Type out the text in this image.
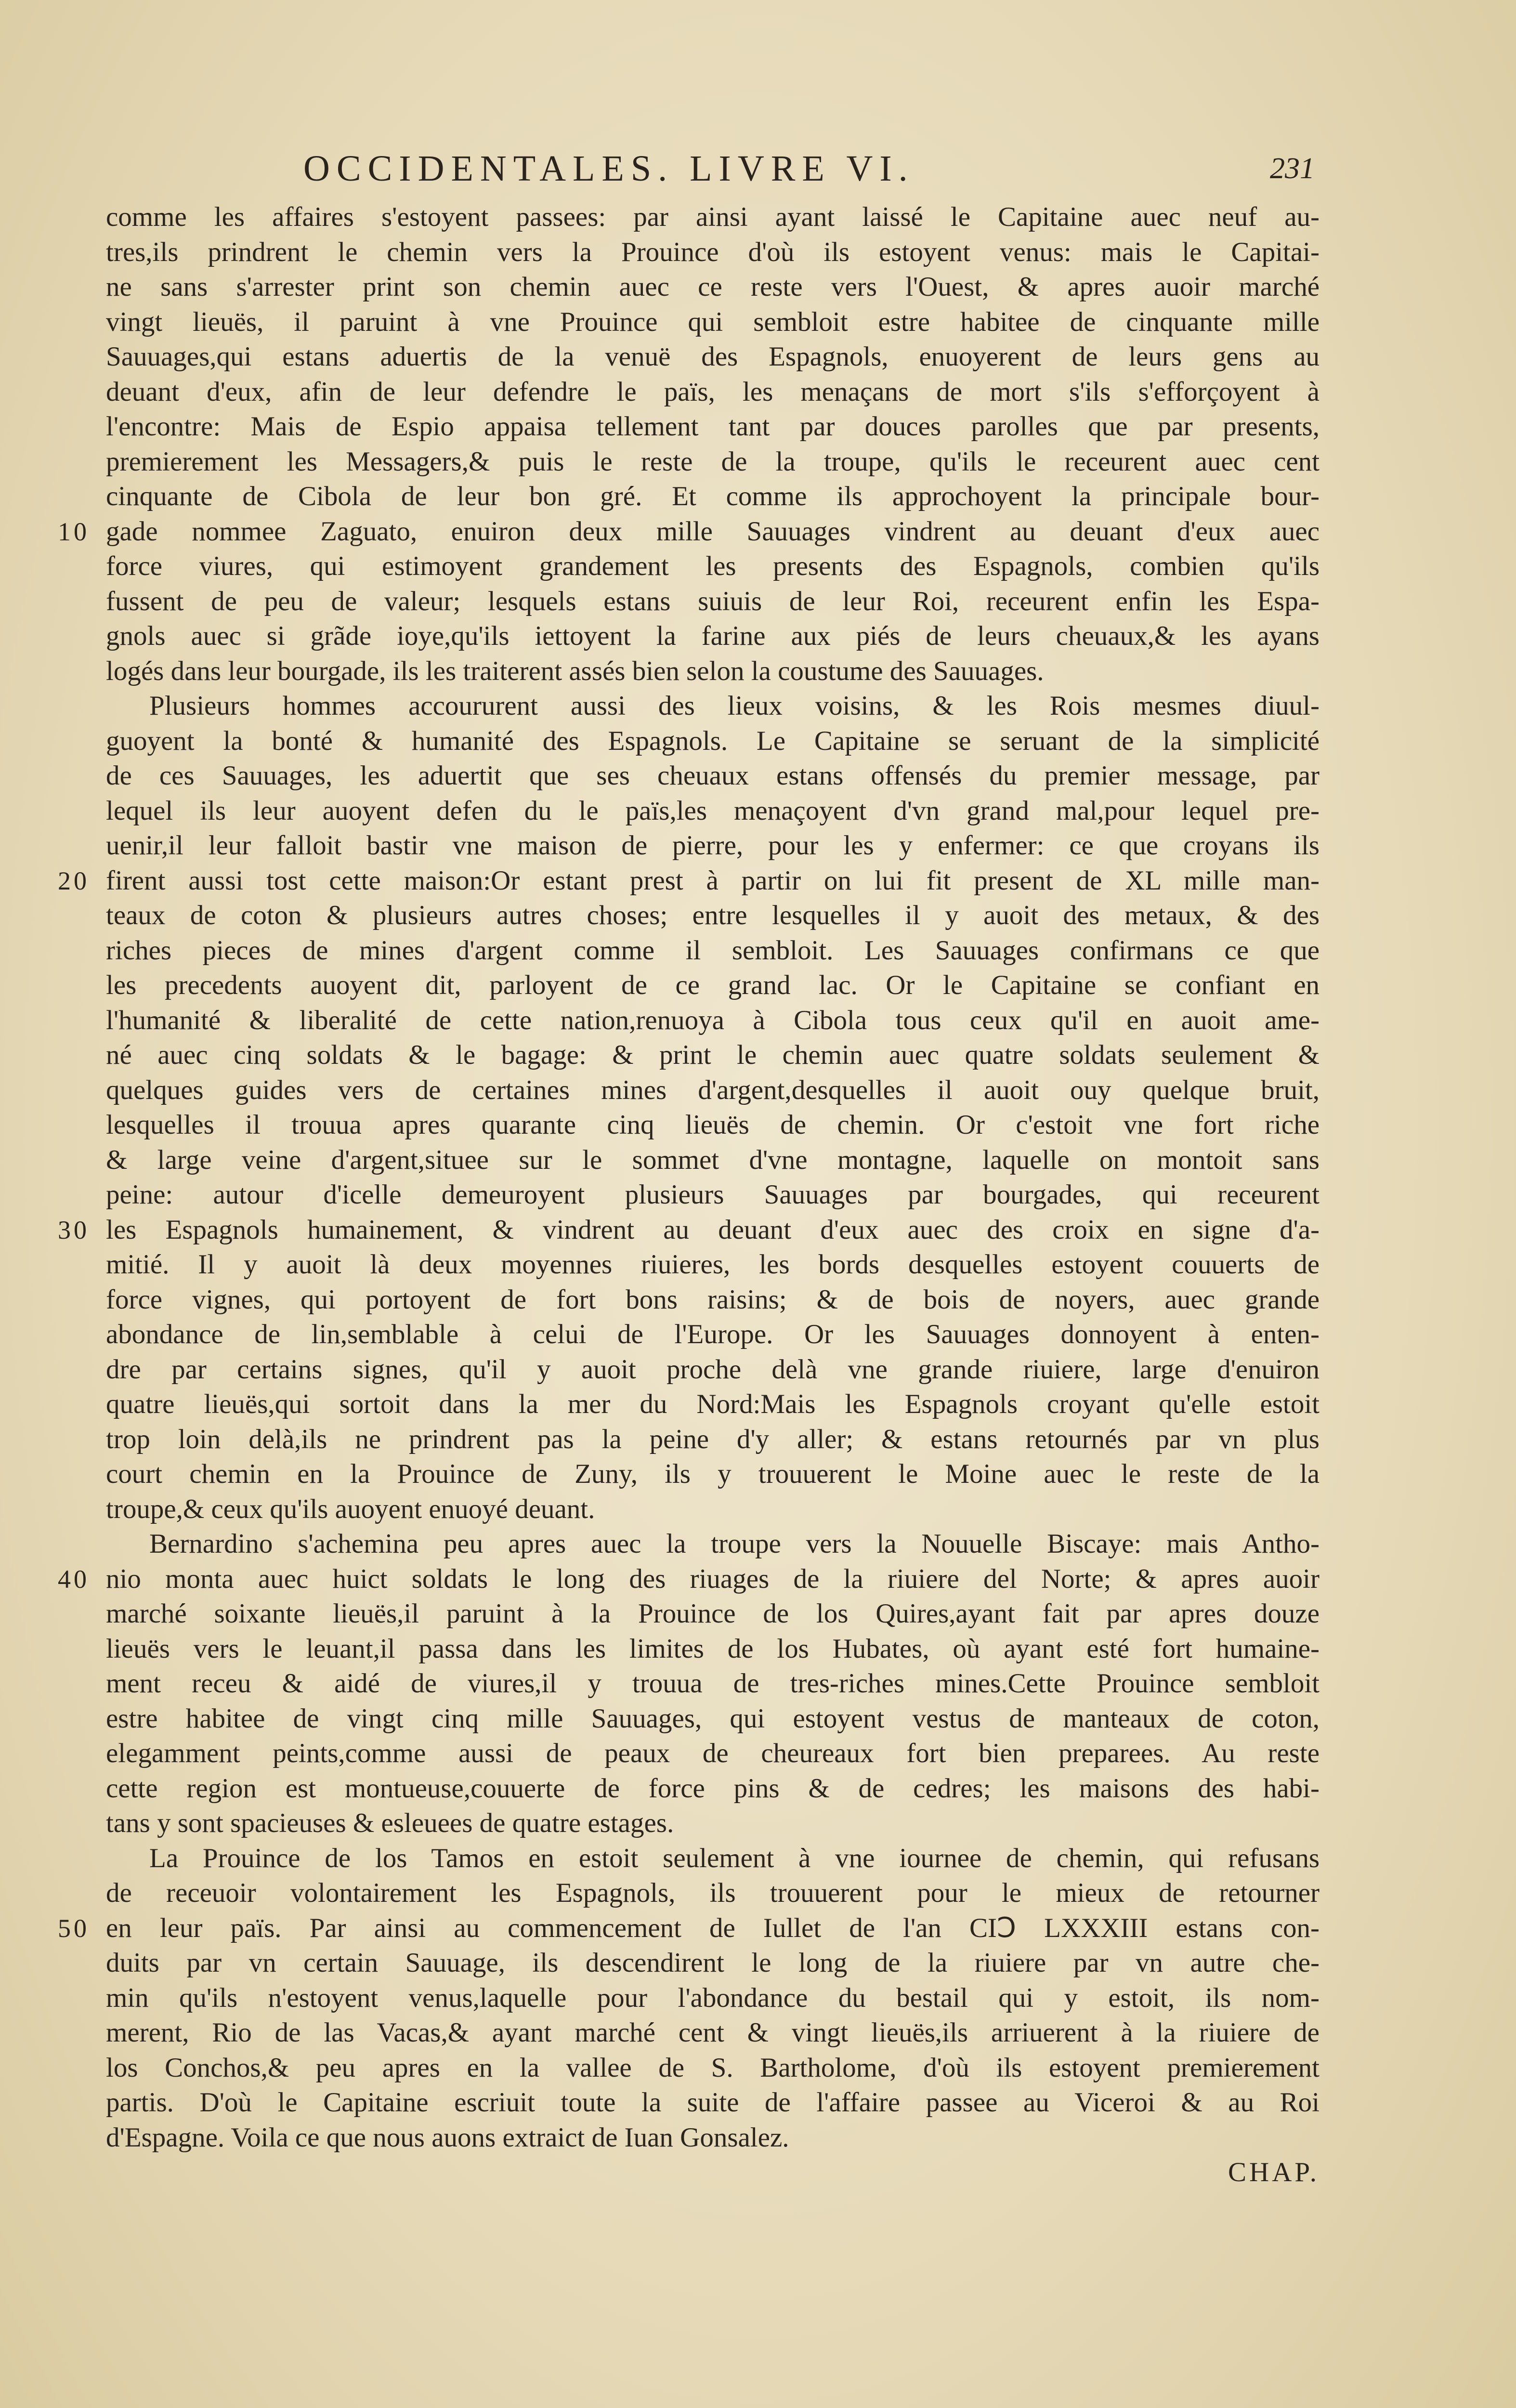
OCCIDENTALES. LIVRE VI.	231
comme les affaires s'estoyent passees: par ainsi ayant laissé le Capitaine auec neuf au-
tres,ils prindrent le chemin vers la Prouince d'où ils estoyent venus: mais le Capitai-
ne sans s'arrester print son chemin auec ce reste vers l'Ouest, & apres auoir marché
vingt lieuës, il paruint à vne Prouince qui sembloit estre habitee de cinquante mille
Sauuages,qui estans aduertis de la venuë des Espagnols, enuoyerent de leurs gens au
deuant d'eux, afin de leur defendre le païs, les menaçans de mort s'ils s'efforçoyent à
l'encontre: Mais de Espio appaisa tellement tant par douces parolles que par presents,
premierement les Messagers,& puis le reste de la troupe, qu'ils le receurent auec cent
cinquante de Cibola de leur bon gré. Et comme ils approchoyent la principale bour-
10 gade nommee Zaguato, enuiron deux mille Sauuages vindrent au deuant d'eux auec
force viures, qui estimoyent grandement les presents des Espagnols, combien qu'ils
fussent de peu de valeur; lesquels estans suiuis de leur Roi, receurent enfin les Espa-
gnols auec si grãde ioye,qu'ils iettoyent la farine aux piés de leurs cheuaux,& les ayans
logés dans leur bourgade, ils les traiterent assés bien selon la coustume des Sauuages.
Plusieurs hommes accoururent aussi des lieux voisins, & les Rois mesmes diuul-
guoyent la bonté & humanité des Espagnols. Le Capitaine se seruant de la simplicité
de ces Sauuages, les aduertit que ses cheuaux estans offensés du premier message, par
lequel ils leur auoyent defen du le païs,les menaçoyent d'vn grand mal,pour lequel pre-
uenir,il leur falloit bastir vne maison de pierre, pour les y enfermer: ce que croyans ils
20 firent aussi tost cette maison:Or estant prest à partir on lui fit present de XL mille man-
teaux de coton & plusieurs autres choses; entre lesquelles il y auoit des metaux, & des
riches pieces de mines d'argent comme il sembloit. Les Sauuages confirmans ce que
les precedents auoyent dit, parloyent de ce grand lac. Or le Capitaine se confiant en
l'humanité & liberalité de cette nation,renuoya à Cibola tous ceux qu'il en auoit ame-
né auec cinq soldats & le bagage: & print le chemin auec quatre soldats seulement &
quelques guides vers de certaines mines d'argent,desquelles il auoit ouy quelque bruit,
lesquelles il trouua apres quarante cinq lieuës de chemin. Or c'estoit vne fort riche
& large veine d'argent,situee sur le sommet d'vne montagne, laquelle on montoit sans
peine: autour d'icelle demeuroyent plusieurs Sauuages par bourgades, qui receurent
30 les Espagnols humainement, & vindrent au deuant d'eux auec des croix en signe d'a-
mitié. Il y auoit là deux moyennes riuieres, les bords desquelles estoyent couuerts de
force vignes, qui portoyent de fort bons raisins; & de bois de noyers, auec grande
abondance de lin,semblable à celui de l'Europe. Or les Sauuages donnoyent à enten-
dre par certains signes, qu'il y auoit proche delà vne grande riuiere, large d'enuiron
quatre lieuës,qui sortoit dans la mer du Nord:Mais les Espagnols croyant qu'elle estoit
trop loin delà,ils ne prindrent pas la peine d'y aller; & estans retournés par vn plus
court chemin en la Prouince de Zuny, ils y trouuerent le Moine auec le reste de la
troupe,& ceux qu'ils auoyent enuoyé deuant.
Bernardino s'achemina peu apres auec la troupe vers la Nouuelle Biscaye: mais Antho-
40 nio monta auec huict soldats le long des riuages de la riuiere del Norte; & apres auoir
marché soixante lieuës,il paruint à la Prouince de los Quires,ayant fait par apres douze
lieuës vers le leuant,il passa dans les limites de los Hubates, où ayant esté fort humaine-
ment receu & aidé de viures,il y trouua de tres-riches mines.Cette Prouince sembloit
estre habitee de vingt cinq mille Sauuages, qui estoyent vestus de manteaux de coton,
elegamment peints,comme aussi de peaux de cheureaux fort bien preparees. Au reste
cette region est montueuse,couuerte de force pins & de cedres; les maisons des habi-
tans y sont spacieuses & esleuees de quatre estages.
La Prouince de los Tamos en estoit seulement à vne iournee de chemin, qui refusans
de receuoir volontairement les Espagnols, ils trouuerent pour le mieux de retourner
50 en leur païs. Par ainsi au commencement de Iullet de l'an CIↃ LXXXIII estans con-
duits par vn certain Sauuage, ils descendirent le long de la riuiere par vn autre che-
min qu'ils n'estoyent venus,laquelle pour l'abondance du bestail qui y estoit, ils nom-
merent, Rio de las Vacas,& ayant marché cent & vingt lieuës,ils arriuerent à la riuiere de
los Conchos,& peu apres en la vallee de S. Bartholome, d'où ils estoyent premierement
partis. D'où le Capitaine escriuit toute la suite de l'affaire passee au Viceroi & au Roi
d'Espagne. Voila ce que nous auons extraict de Iuan Gonsalez.
CHAP.
